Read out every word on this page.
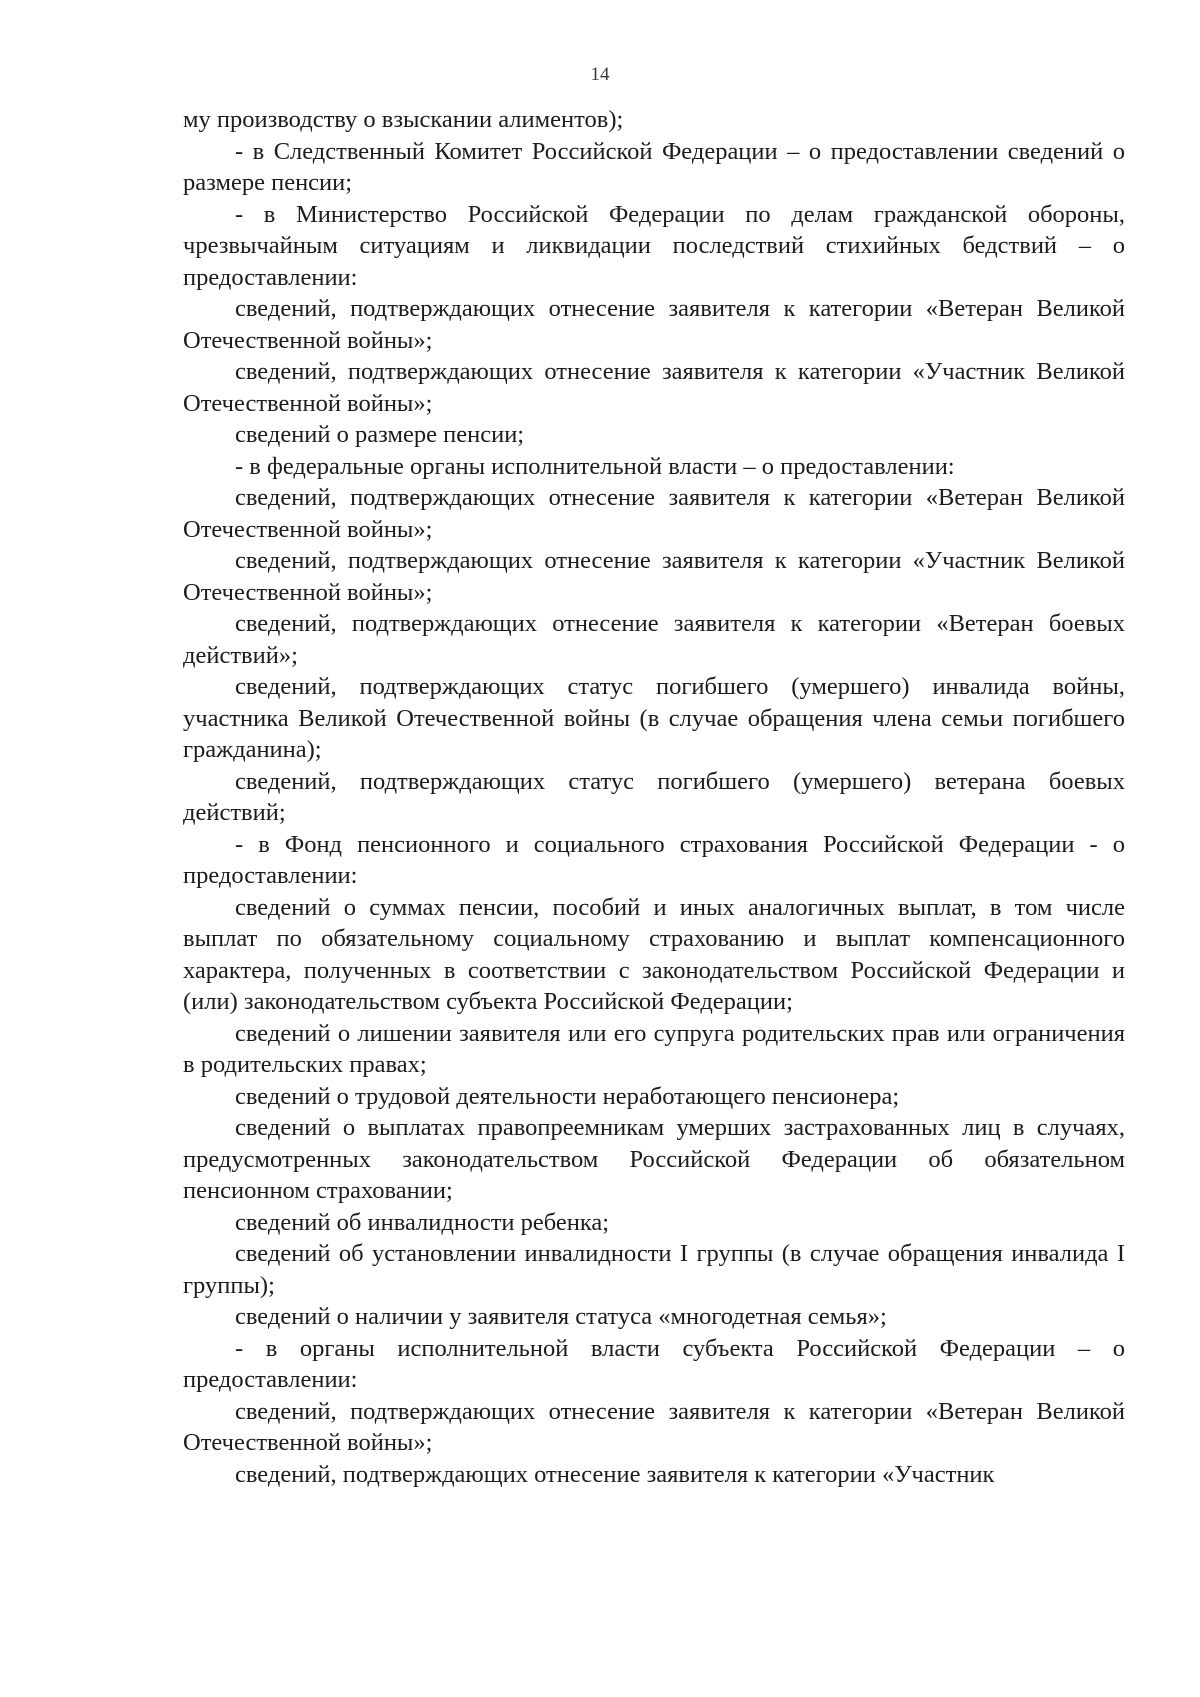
14

му производству о взыскании алиментов);

- в Следственный Комитет Российской Федерации – о предоставлении сведений о размере пенсии;

- в Министерство Российской Федерации по делам гражданской обороны, чрезвычайным ситуациям и ликвидации последствий стихийных бедствий – о предоставлении:

сведений, подтверждающих отнесение заявителя к категории «Ветеран Великой Отечественной войны»;

сведений, подтверждающих отнесение заявителя к категории «Участник Великой Отечественной войны»;

сведений о размере пенсии;

- в федеральные органы исполнительной власти – о предоставлении:

сведений, подтверждающих отнесение заявителя к категории «Ветеран Великой Отечественной войны»;

сведений, подтверждающих отнесение заявителя к категории «Участник Великой Отечественной войны»;

сведений, подтверждающих отнесение заявителя к категории «Ветеран боевых действий»;

сведений, подтверждающих статус погибшего (умершего) инвалида войны, участника Великой Отечественной войны (в случае обращения члена семьи погибшего гражданина);

сведений, подтверждающих статус погибшего (умершего) ветерана боевых действий;

- в Фонд пенсионного и социального страхования Российской Федерации - о предоставлении:

сведений о суммах пенсии, пособий и иных аналогичных выплат, в том числе выплат по обязательному социальному страхованию и выплат компенсационного характера, полученных в соответствии с законодательством Российской Федерации и (или) законодательством субъекта Российской Федерации;

сведений о лишении заявителя или его супруга родительских прав или ограничения в родительских правах;

сведений о трудовой деятельности неработающего пенсионера;

сведений о выплатах правопреемникам умерших застрахованных лиц в случаях, предусмотренных законодательством Российской Федерации об обязательном пенсионном страховании;

сведений об инвалидности ребенка;

сведений об установлении инвалидности I группы (в случае обращения инвалида I группы);

сведений о наличии у заявителя статуса «многодетная семья»;

- в органы исполнительной власти субъекта Российской Федерации – о предоставлении:

сведений, подтверждающих отнесение заявителя к категории «Ветеран Великой Отечественной войны»;

сведений, подтверждающих отнесение заявителя к категории «Участник
